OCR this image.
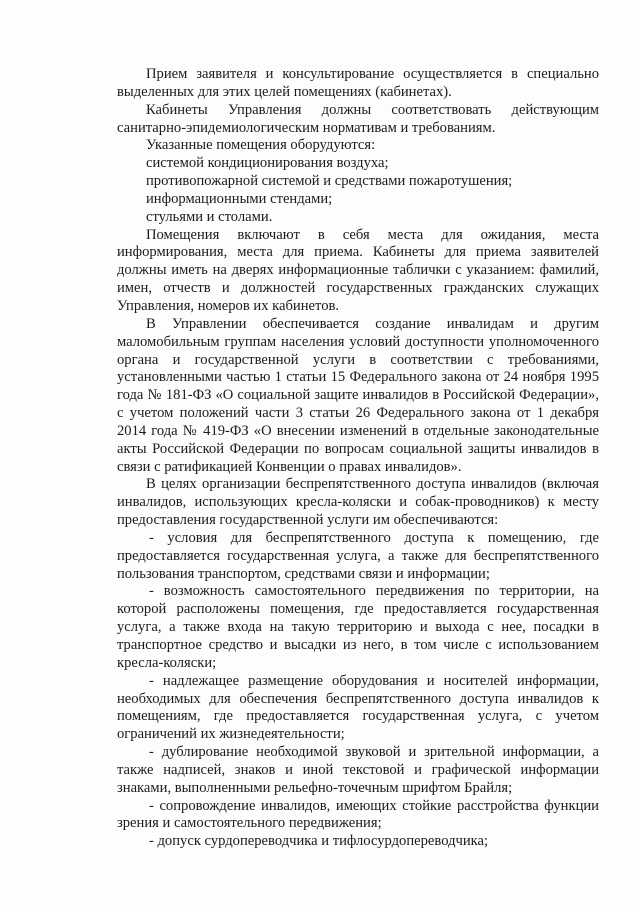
Прием заявителя и консультирование осуществляется в специально выделенных для этих целей помещениях (кабинетах).

Кабинеты Управления должны соответствовать действующим санитарно-эпидемиологическим нормативам и требованиям.

Указанные помещения оборудуются:

системой кондиционирования воздуха;

противопожарной системой и средствами пожаротушения;

информационными стендами;

стульями и столами.

Помещения включают в себя места для ожидания, места информирования, места для приема. Кабинеты для приема заявителей должны иметь на дверях информационные таблички с указанием: фамилий, имен, отчеств и должностей государственных гражданских служащих Управления, номеров их кабинетов.

В Управлении обеспечивается создание инвалидам и другим маломобильным группам населения условий доступности уполномоченного органа и государственной услуги в соответствии с требованиями, установленными частью 1 статьи 15 Федерального закона от 24 ноября 1995 года № 181-ФЗ «О социальной защите инвалидов в Российской Федерации», с учетом положений части 3 статьи 26 Федерального закона от 1 декабря 2014 года № 419-ФЗ «О внесении изменений в отдельные законодательные акты Российской Федерации по вопросам социальной защиты инвалидов в связи с ратификацией Конвенции о правах инвалидов».

В целях организации беспрепятственного доступа инвалидов (включая инвалидов, использующих кресла-коляски и собак-проводников) к месту предоставления государственной услуги им обеспечиваются:

- условия для беспрепятственного доступа к помещению, где предоставляется государственная услуга, а также для беспрепятственного пользования транспортом, средствами связи и информации;

- возможность самостоятельного передвижения по территории, на которой расположены помещения, где предоставляется государственная услуга, а также входа на такую территорию и выхода с нее, посадки в транспортное средство и высадки из него, в том числе с использованием кресла-коляски;

- надлежащее размещение оборудования и носителей информации, необходимых для обеспечения беспрепятственного доступа инвалидов к помещениям, где предоставляется государственная услуга, с учетом ограничений их жизнедеятельности;

- дублирование необходимой звуковой и зрительной информации, а также надписей, знаков и иной текстовой и графической информации знаками, выполненными рельефно-точечным шрифтом Брайля;

- сопровождение инвалидов, имеющих стойкие расстройства функции зрения и самостоятельного передвижения;

- допуск сурдопереводчика и тифлосурдопереводчика;
